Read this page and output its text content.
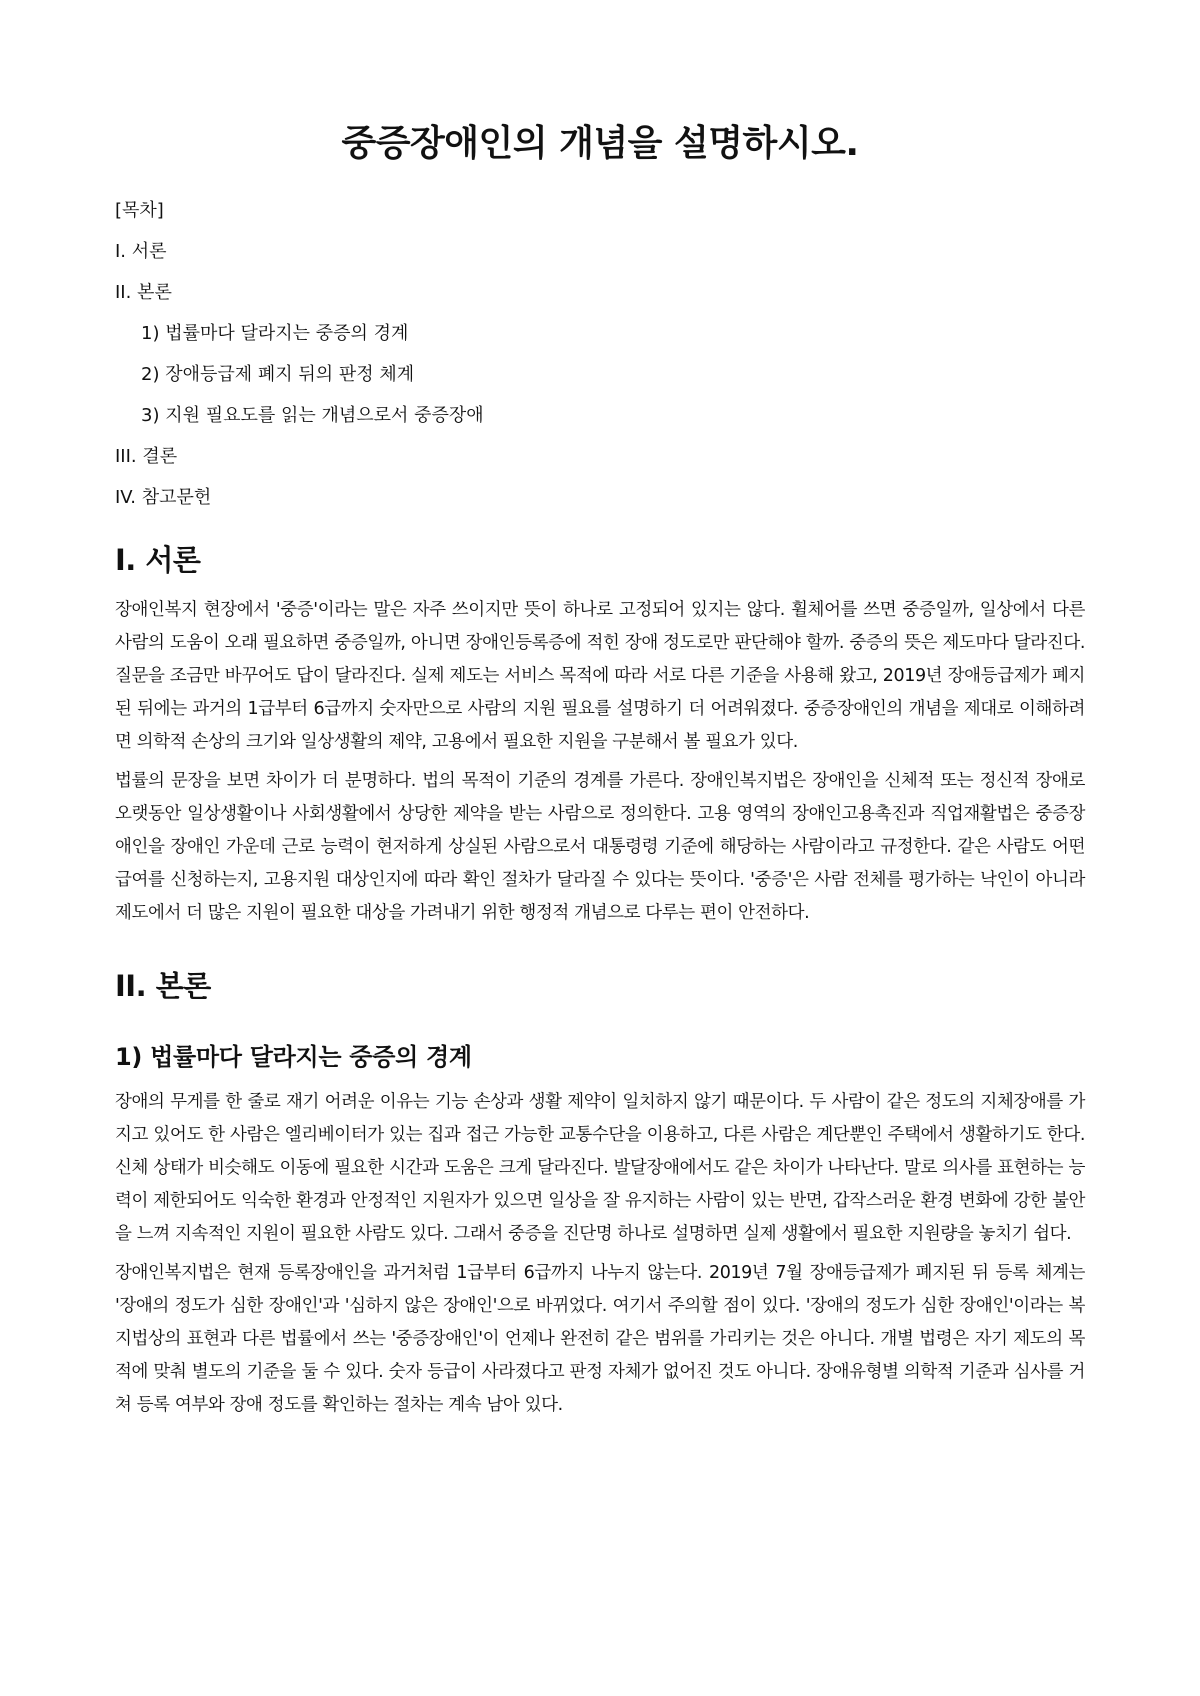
중증장애인의 개념을 설명하시오.
[목차]
I. 서론
II. 본론
1) 법률마다 달라지는 중증의 경계
2) 장애등급제 폐지 뒤의 판정 체계
3) 지원 필요도를 읽는 개념으로서 중증장애
III. 결론
IV. 참고문헌
I. 서론

장애인복지 현장에서 '중증'이라는 말은 자주 쓰이지만 뜻이 하나로 고정되어 있지는 않다. 휠체어를 쓰면 중증일까, 일상에서 다른 사람의 도움이 오래 필요하면 중증일까, 아니면 장애인등록증에 적힌 장애 정도로만 판단해야 할까. 중증의 뜻은 제도마다 달라진다. 질문을 조금만 바꾸어도 답이 달라진다. 실제 제도는 서비스 목적에 따라 서로 다른 기준을 사용해 왔고, 2019년 장애등급제가 폐지된 뒤에는 과거의 1급부터 6급까지 숫자만으로 사람의 지원 필요를 설명하기 더 어려워졌다. 중증장애인의 개념을 제대로 이해하려면 의학적 손상의 크기와 일상생활의 제약, 고용에서 필요한 지원을 구분해서 볼 필요가 있다.

법률의 문장을 보면 차이가 더 분명하다. 법의 목적이 기준의 경계를 가른다. 장애인복지법은 장애인을 신체적 또는 정신적 장애로 오랫동안 일상생활이나 사회생활에서 상당한 제약을 받는 사람으로 정의한다. 고용 영역의 장애인고용촉진과 직업재활법은 중증장애인을 장애인 가운데 근로 능력이 현저하게 상실된 사람으로서 대통령령 기준에 해당하는 사람이라고 규정한다. 같은 사람도 어떤 급여를 신청하는지, 고용지원 대상인지에 따라 확인 절차가 달라질 수 있다는 뜻이다. '중증'은 사람 전체를 평가하는 낙인이 아니라 제도에서 더 많은 지원이 필요한 대상을 가려내기 위한 행정적 개념으로 다루는 편이 안전하다.

II. 본론
1) 법률마다 달라지는 중증의 경계

장애의 무게를 한 줄로 재기 어려운 이유는 기능 손상과 생활 제약이 일치하지 않기 때문이다. 두 사람이 같은 정도의 지체장애를 가지고 있어도 한 사람은 엘리베이터가 있는 집과 접근 가능한 교통수단을 이용하고, 다른 사람은 계단뿐인 주택에서 생활하기도 한다. 신체 상태가 비슷해도 이동에 필요한 시간과 도움은 크게 달라진다. 발달장애에서도 같은 차이가 나타난다. 말로 의사를 표현하는 능력이 제한되어도 익숙한 환경과 안정적인 지원자가 있으면 일상을 잘 유지하는 사람이 있는 반면, 갑작스러운 환경 변화에 강한 불안을 느껴 지속적인 지원이 필요한 사람도 있다. 그래서 중증을 진단명 하나로 설명하면 실제 생활에서 필요한 지원량을 놓치기 쉽다.

장애인복지법은 현재 등록장애인을 과거처럼 1급부터 6급까지 나누지 않는다. 2019년 7월 장애등급제가 폐지된 뒤 등록 체계는 '장애의 정도가 심한 장애인'과 '심하지 않은 장애인'으로 바뀌었다. 여기서 주의할 점이 있다. '장애의 정도가 심한 장애인'이라는 복지법상의 표현과 다른 법률에서 쓰는 '중증장애인'이 언제나 완전히 같은 범위를 가리키는 것은 아니다. 개별 법령은 자기 제도의 목적에 맞춰 별도의 기준을 둘 수 있다. 숫자 등급이 사라졌다고 판정 자체가 없어진 것도 아니다. 장애유형별 의학적 기준과 심사를 거쳐 등록 여부와 장애 정도를 확인하는 절차는 계속 남아 있다.
